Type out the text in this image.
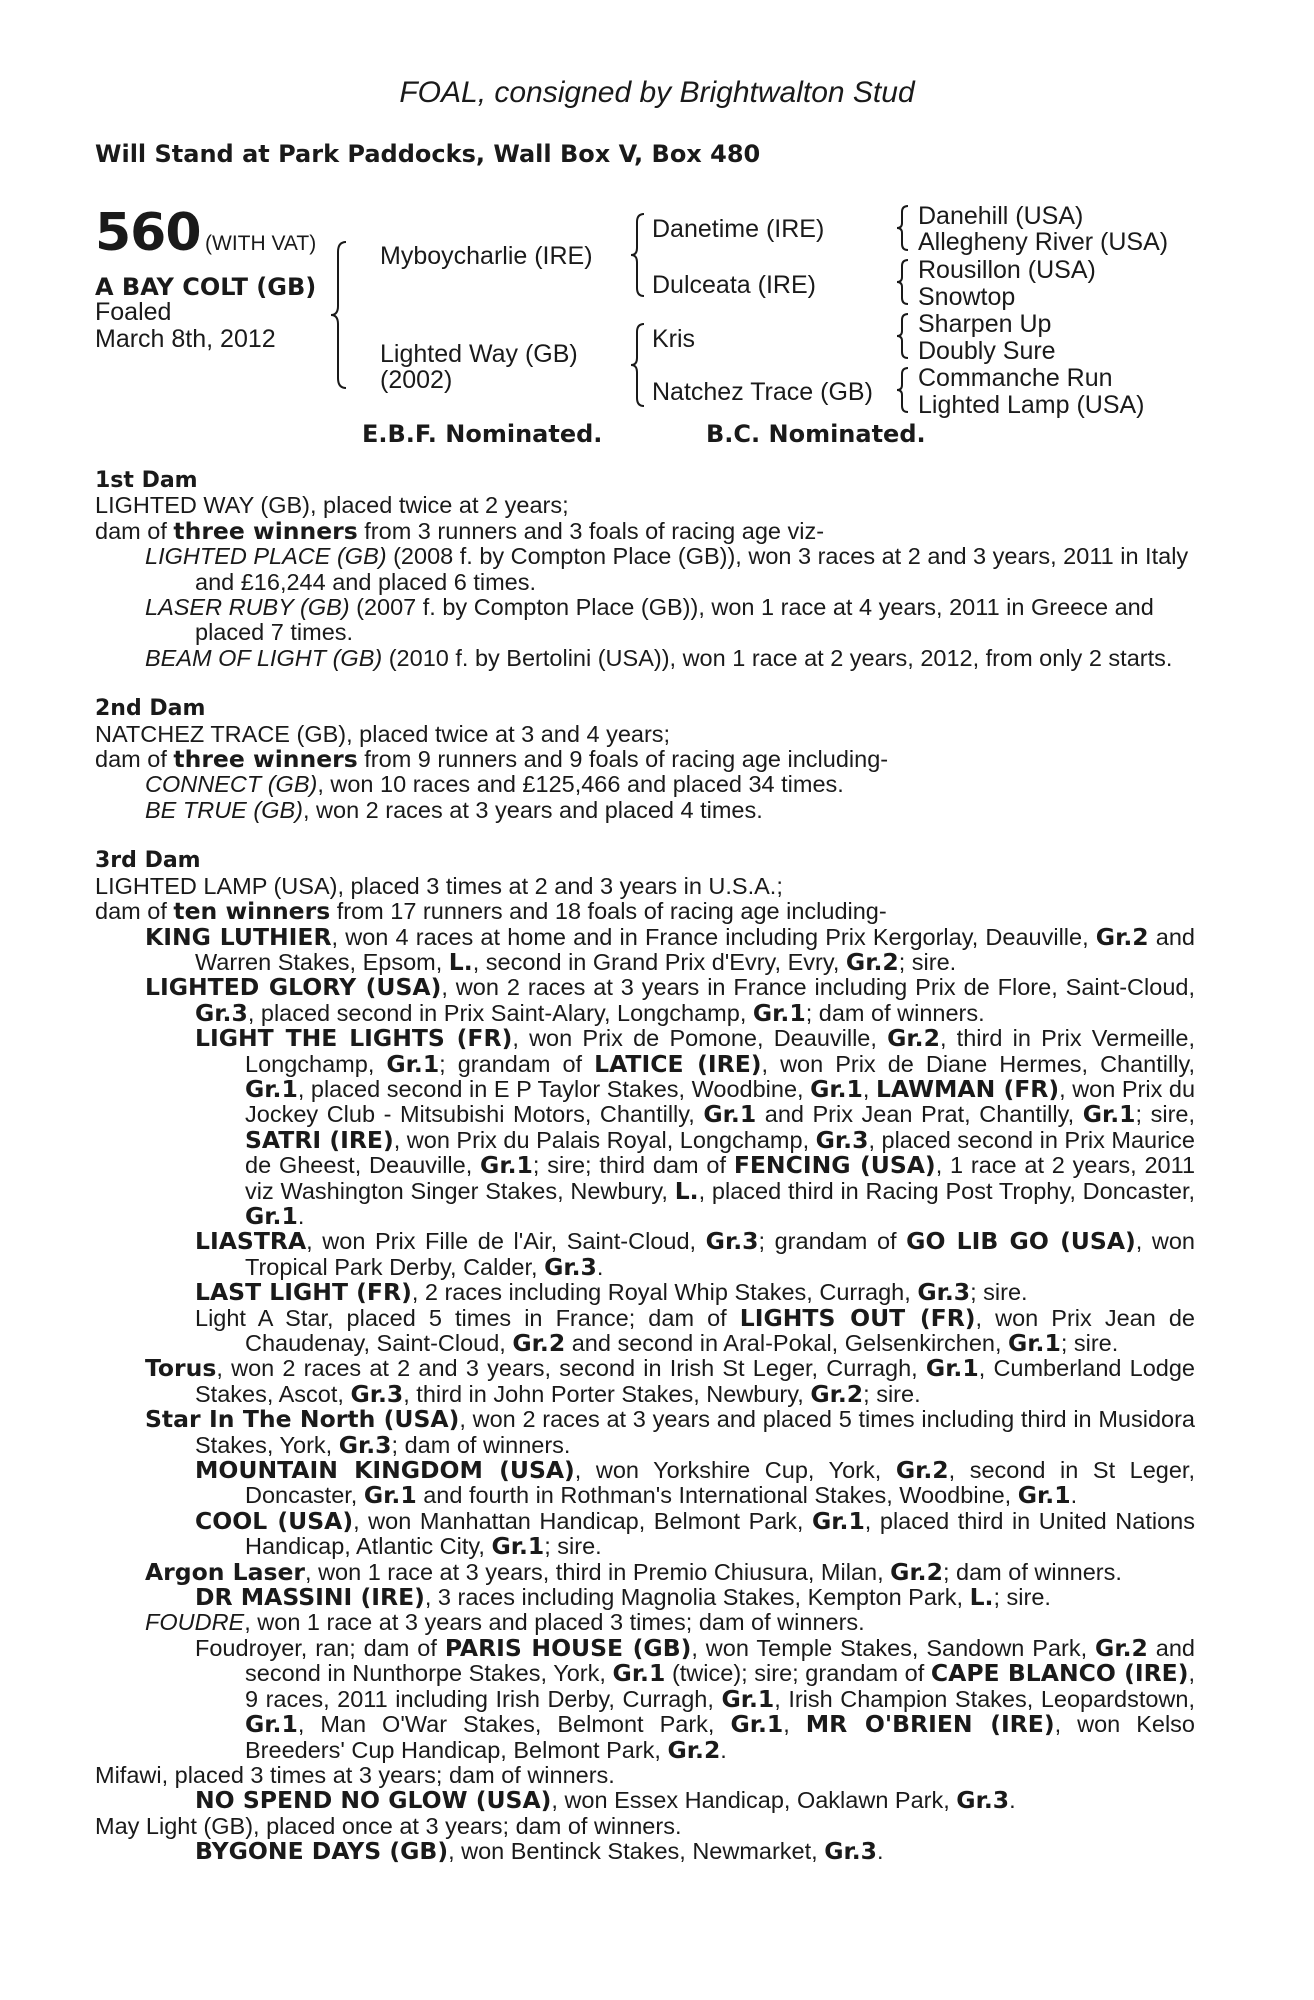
FOAL, consigned by Brightwalton Stud
Will Stand at Park Paddocks, Wall Box V, Box 480
560 (WITH VAT)
A BAY COLT (GB)
Foaled
March 8th, 2012
Myboycharlie (IRE)
Lighted Way (GB)
(2002)
Danetime (IRE)
Dulceata (IRE)
Kris
Natchez Trace (GB)
Danehill (USA)
Allegheny River (USA)
Rousillon (USA)
Snowtop
Sharpen Up
Doubly Sure
Commanche Run
Lighted Lamp (USA)
E.B.F. Nominated.	B.C. Nominated.

1st Dam

LIGHTED WAY (GB), placed twice at 2 years;

dam of three winners from 3 runners and 3 foals of racing age viz-

LIGHTED PLACE (GB) (2008 f. by Compton Place (GB)), won 3 races at 2 and 3 years, 2011 in Italy and £16,244 and placed 6 times.

LASER RUBY (GB) (2007 f. by Compton Place (GB)), won 1 race at 4 years, 2011 in Greece and placed 7 times.

BEAM OF LIGHT (GB) (2010 f. by Bertolini (USA)), won 1 race at 2 years, 2012, from only 2 starts.

2nd Dam

NATCHEZ TRACE (GB), placed twice at 3 and 4 years;

dam of three winners from 9 runners and 9 foals of racing age including-

CONNECT (GB), won 10 races and £125,466 and placed 34 times.

BE TRUE (GB), won 2 races at 3 years and placed 4 times.

3rd Dam

LIGHTED LAMP (USA), placed 3 times at 2 and 3 years in U.S.A.;

dam of ten winners from 17 runners and 18 foals of racing age including-

KING LUTHIER, won 4 races at home and in France including Prix Kergorlay, Deauville, Gr.2 and Warren Stakes, Epsom, L., second in Grand Prix d'Evry, Evry, Gr.2; sire.

LIGHTED GLORY (USA), won 2 races at 3 years in France including Prix de Flore, Saint-Cloud, Gr.3, placed second in Prix Saint-Alary, Longchamp, Gr.1; dam of winners.

LIGHT THE LIGHTS (FR), won Prix de Pomone, Deauville, Gr.2, third in Prix Vermeille, Longchamp, Gr.1; grandam of LATICE (IRE), won Prix de Diane Hermes, Chantilly, Gr.1, placed second in E P Taylor Stakes, Woodbine, Gr.1, LAWMAN (FR), won Prix du Jockey Club - Mitsubishi Motors, Chantilly, Gr.1 and Prix Jean Prat, Chantilly, Gr.1; sire, SATRI (IRE), won Prix du Palais Royal, Longchamp, Gr.3, placed second in Prix Maurice de Gheest, Deauville, Gr.1; sire; third dam of FENCING (USA), 1 race at 2 years, 2011 viz Washington Singer Stakes, Newbury, L., placed third in Racing Post Trophy, Doncaster, Gr.1.

LIASTRA, won Prix Fille de l'Air, Saint-Cloud, Gr.3; grandam of GO LIB GO (USA), won Tropical Park Derby, Calder, Gr.3.

LAST LIGHT (FR), 2 races including Royal Whip Stakes, Curragh, Gr.3; sire.

Light A Star, placed 5 times in France; dam of LIGHTS OUT (FR), won Prix Jean de Chaudenay, Saint-Cloud, Gr.2 and second in Aral-Pokal, Gelsenkirchen, Gr.1; sire.

Torus, won 2 races at 2 and 3 years, second in Irish St Leger, Curragh, Gr.1, Cumberland Lodge Stakes, Ascot, Gr.3, third in John Porter Stakes, Newbury, Gr.2; sire.

Star In The North (USA), won 2 races at 3 years and placed 5 times including third in Musidora Stakes, York, Gr.3; dam of winners.

MOUNTAIN KINGDOM (USA), won Yorkshire Cup, York, Gr.2, second in St Leger, Doncaster, Gr.1 and fourth in Rothman's International Stakes, Woodbine, Gr.1.

COOL (USA), won Manhattan Handicap, Belmont Park, Gr.1, placed third in United Nations Handicap, Atlantic City, Gr.1; sire.

Argon Laser, won 1 race at 3 years, third in Premio Chiusura, Milan, Gr.2; dam of winners.

DR MASSINI (IRE), 3 races including Magnolia Stakes, Kempton Park, L.; sire.

FOUDRE, won 1 race at 3 years and placed 3 times; dam of winners.

Foudroyer, ran; dam of PARIS HOUSE (GB), won Temple Stakes, Sandown Park, Gr.2 and second in Nunthorpe Stakes, York, Gr.1 (twice); sire; grandam of CAPE BLANCO (IRE), 9 races, 2011 including Irish Derby, Curragh, Gr.1, Irish Champion Stakes, Leopardstown, Gr.1, Man O'War Stakes, Belmont Park, Gr.1, MR O'BRIEN (IRE), won Kelso Breeders' Cup Handicap, Belmont Park, Gr.2.

Mifawi, placed 3 times at 3 years; dam of winners.

NO SPEND NO GLOW (USA), won Essex Handicap, Oaklawn Park, Gr.3.

May Light (GB), placed once at 3 years; dam of winners.

BYGONE DAYS (GB), won Bentinck Stakes, Newmarket, Gr.3.
